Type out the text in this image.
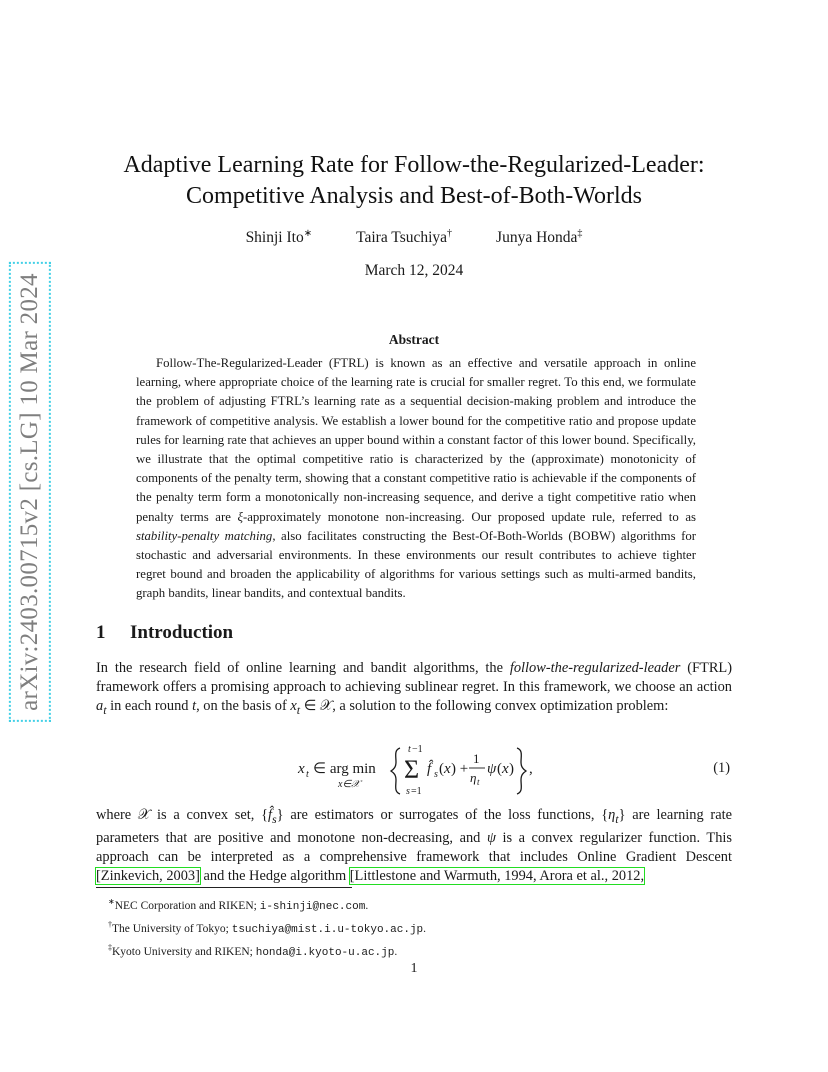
arXiv:2403.00715v2 [cs.LG] 10 Mar 2024
Adaptive Learning Rate for Follow-the-Regularized-Leader:
Competitive Analysis and Best-of-Both-Worlds
Shinji Ito∗	Taira Tsuchiya†	Junya Honda‡
March 12, 2024
Abstract
Follow-The-Regularized-Leader (FTRL) is known as an effective and versatile approach in online learning, where appropriate choice of the learning rate is crucial for smaller regret. To this end, we formulate the problem of adjusting FTRL’s learning rate as a sequential decision-making problem and introduce the framework of competitive analysis. We establish a lower bound for the competitive ratio and propose update rules for learning rate that achieves an upper bound within a constant factor of this lower bound. Specifically, we illustrate that the optimal competitive ratio is characterized by the (approximate) monotonicity of components of the penalty term, showing that a constant competitive ratio is achievable if the components of the penalty term form a monotonically non-increasing sequence, and derive a tight competitive ratio when penalty terms are ξ-approximately monotone non-increasing. Our proposed update rule, referred to as stability-penalty matching, also facilitates constructing the Best-Of-Both-Worlds (BOBW) algorithms for stochastic and adversarial environments. In these environments our result contributes to achieve tighter regret bound and broaden the applicability of algorithms for various settings such as multi-armed bandits, graph bandits, linear bandits, and contextual bandits.
1 Introduction
In the research field of online learning and bandit algorithms, the follow-the-regularized-leader (FTRL) framework offers a promising approach to achieving sublinear regret. In this framework, we choose an action $a_t$ in each round t, on the basis of $x_t$ ∈ 𝒳, a solution to the following convex optimization problem:
x t ∈ arg min
x∈𝒳
t −1
Σ
s =1
f̂ s ( x ) +
1
η t
ψ ( x ) ,	(1)
where 𝒳 is a convex set, $\{f̂_s\}$ are estimators or surrogates of the loss functions, $\{\eta_t\}$ are learning rate parameters that are positive and monotone non-decreasing, and ψ is a convex regularizer function. This approach can be interpreted as a comprehensive framework that includes Online Gradient Descent [Zinkevich, 2003] and the Hedge algorithm [Littlestone and Warmuth, 1994, Arora et al., 2012,
∗NEC Corporation and RIKEN; i-shinji@nec.com.
†The University of Tokyo; tsuchiya@mist.i.u-tokyo.ac.jp.
‡Kyoto University and RIKEN; honda@i.kyoto-u.ac.jp.
1
